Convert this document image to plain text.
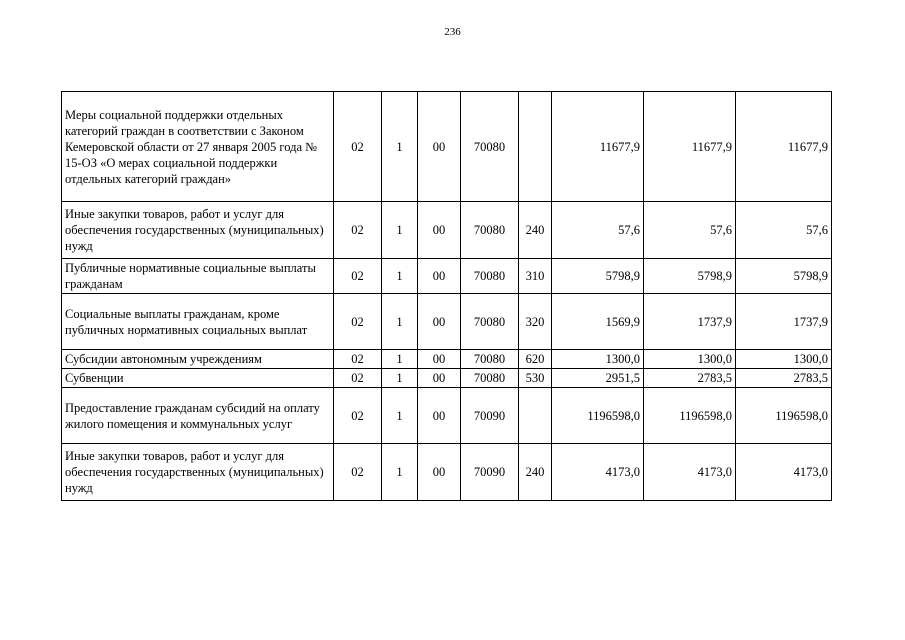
236
Меры социальной поддержки отдельных категорий граждан в соответствии с Законом Кемеровской области от 27 января 2005 года № 15-ОЗ «О мерах социальной поддержки отдельных категорий граждан»	02	1	00	70080		11677,9	11677,9	11677,9
Иные закупки товаров, работ и услуг для обеспечения государственных (муниципальных) нужд	02	1	00	70080	240	57,6	57,6	57,6
Публичные нормативные социальные выплаты гражданам	02	1	00	70080	310	5798,9	5798,9	5798,9
Социальные выплаты гражданам, кроме публичных нормативных социальных выплат	02	1	00	70080	320	1569,9	1737,9	1737,9
Субсидии автономным учреждениям	02	1	00	70080	620	1300,0	1300,0	1300,0
Субвенции	02	1	00	70080	530	2951,5	2783,5	2783,5
Предоставление гражданам субсидий на оплату жилого помещения и коммунальных услуг	02	1	00	70090		1196598,0	1196598,0	1196598,0
Иные закупки товаров, работ и услуг для обеспечения государственных (муниципальных) нужд	02	1	00	70090	240	4173,0	4173,0	4173,0
